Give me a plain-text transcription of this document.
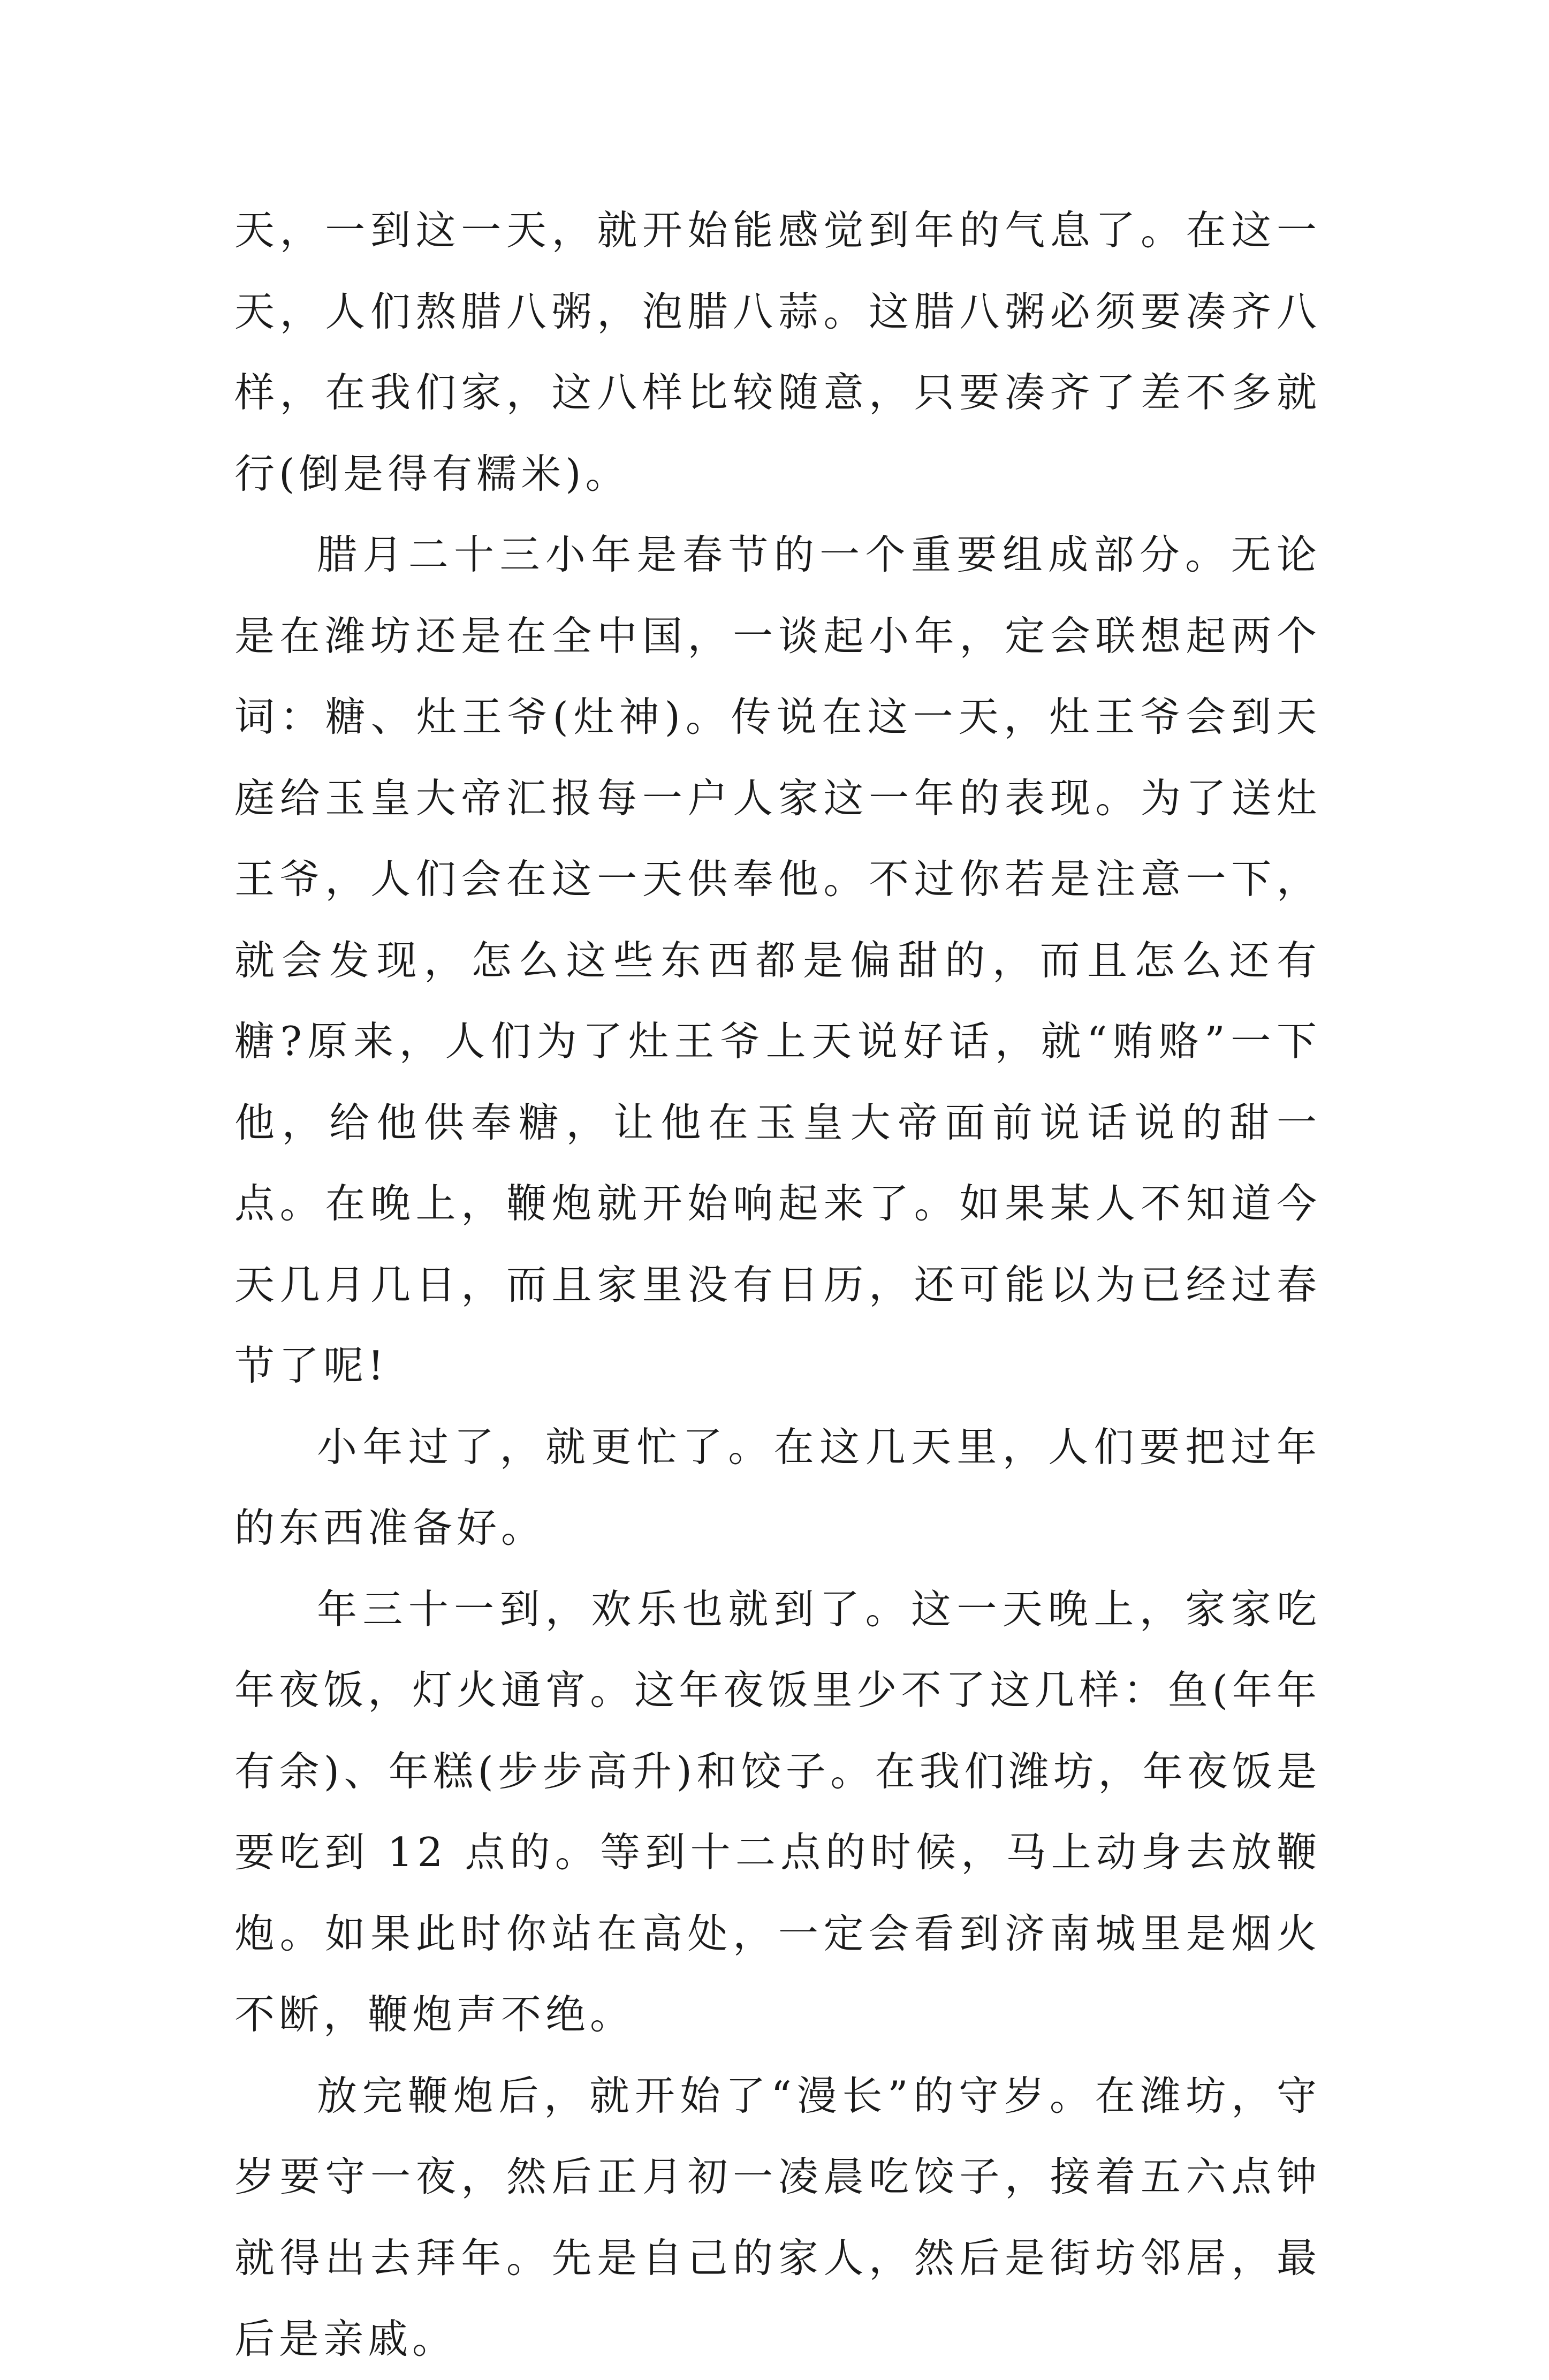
天，一到这一天，就开始能感觉到年的气息了。在这一天，人们熬腊八粥，泡腊八蒜。这腊八粥必须要凑齐八样，在我们家，这八样比较随意，只要凑齐了差不多就行(倒是得有糯米)。

腊月二十三小年是春节的一个重要组成部分。无论是在潍坊还是在全中国，一谈起小年，定会联想起两个词：糖、灶王爷(灶神)。传说在这一天，灶王爷会到天庭给玉皇大帝汇报每一户人家这一年的表现。为了送灶王爷，人们会在这一天供奉他。不过你若是注意一下，就会发现，怎么这些东西都是偏甜的，而且怎么还有糖?原来，人们为了灶王爷上天说好话，就“贿赂”一下他，给他供奉糖，让他在玉皇大帝面前说话说的甜一点。在晚上，鞭炮就开始响起来了。如果某人不知道今天几月几日，而且家里没有日历，还可能以为已经过春节了呢!

小年过了，就更忙了。在这几天里，人们要把过年的东西准备好。

年三十一到，欢乐也就到了。这一天晚上，家家吃年夜饭，灯火通宵。这年夜饭里少不了这几样：鱼(年年有余)、年糕(步步高升)和饺子。在我们潍坊，年夜饭是要吃到 12 点的。等到十二点的时候，马上动身去放鞭炮。如果此时你站在高处，一定会看到济南城里是烟火不断，鞭炮声不绝。

放完鞭炮后，就开始了“漫长”的守岁。在潍坊，守岁要守一夜，然后正月初一凌晨吃饺子，接着五六点钟就得出去拜年。先是自己的家人，然后是街坊邻居，最后是亲戚。
